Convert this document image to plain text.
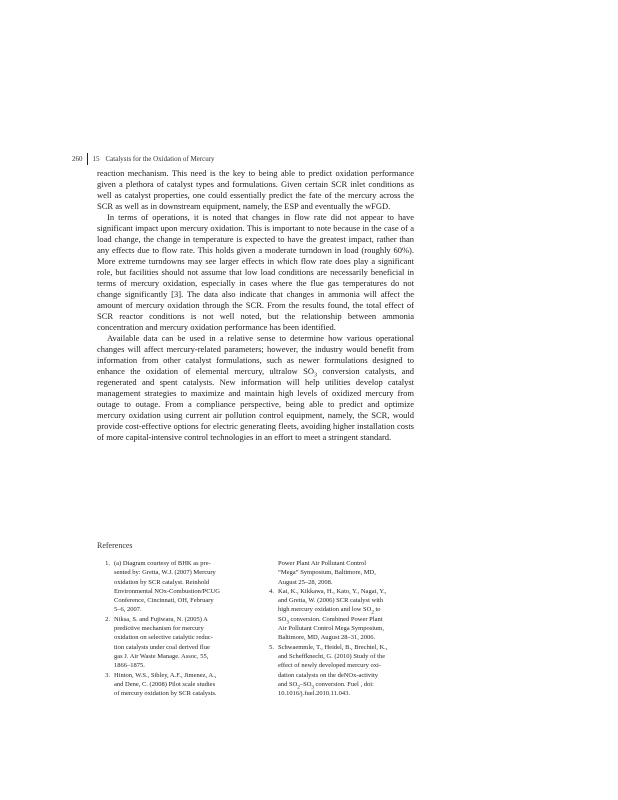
260 15 Catalysts for the Oxidation of Mercury

reaction mechanism. This need is the key to being able to predict oxidation performance given a plethora of catalyst types and formulations. Given certain SCR inlet conditions as well as catalyst properties, one could essentially predict the fate of the mercury across the SCR as well as in downstream equipment, namely, the ESP and eventually the wFGD.

In terms of operations, it is noted that changes in flow rate did not appear to have significant impact upon mercury oxidation. This is important to note because in the case of a load change, the change in temperature is expected to have the greatest impact, rather than any effects due to flow rate. This holds given a moderate turndown in load (roughly 60%). More extreme turndowns may see larger effects in which flow rate does play a significant role, but facilities should not assume that low load conditions are necessarily beneficial in terms of mercury oxidation, especially in cases where the flue gas temperatures do not change significantly [3]. The data also indicate that changes in ammonia will affect the amount of mercury oxidation through the SCR. From the results found, the total effect of SCR reactor conditions is not well noted, but the relationship between ammonia concentration and mercury oxidation performance has been identified.

Available data can be used in a relative sense to determine how various operational changes will affect mercury-related parameters; however, the industry would benefit from information from other catalyst formulations, such as newer formulations designed to enhance the oxidation of elemental mercury, ultralow $SO_3$ conversion catalysts, and regenerated and spent catalysts. New information will help utilities develop catalyst management strategies to maximize and maintain high levels of oxidized mercury from outage to outage. From a compliance perspective, being able to predict and optimize mercury oxidation using current air pollution control equipment, namely, the SCR, would provide cost-effective options for electric generating fleets, avoiding higher installation costs of more capital-intensive control technologies in an effort to meet a stringent standard.

References
1. (a) Diagram courtesy of BHK as pre-
sented by: Gretta, W.J. (2007) Mercury
oxidation by SCR catalyst. Reinhold
Environmental NOx-Combustion/PCUG
Conference, Cincinnati, OH, February
5–6, 2007.
2. Niksa, S. and Fujiwara, N. (2005) A
predictive mechanism for mercury
oxidation on selective catalytic reduc-
tion catalysts under coal derived flue
gas J. Air Waste Manage. Assoc, 55,
1866–1875.
3. Hinton, W.S., Sibley, A.F., Jimenez, A.,
and Dene, C. (2008) Pilot scale studies
of mercury oxidation by SCR catalysts.
Power Plant Air Pollutant Control
“Mega” Symposium, Baltimore, MD,
August 25–28, 2008.
4. Kai, K., Kikkawa, H., Kato, Y., Nagai, Y.,
and Gretta, W. (2006) SCR catalyst with
high mercury oxidation and low $SO_2$ to
$SO_3$ conversion. Combined Power Plant
Air Pollutant Control Mega Symposium,
Baltimore, MD, August 28–31, 2006.
5. Schwaemmle, T., Heidel, B., Brechtel, K.,
and Scheffknecht, G. (2010) Study of the
effect of newly developed mercury oxi-
dation catalysts on the deNOx-activity
and $SO_2-SO_3$ conversion. Fuel , doi:
10.1016/j.fuel.2010.11.043.
